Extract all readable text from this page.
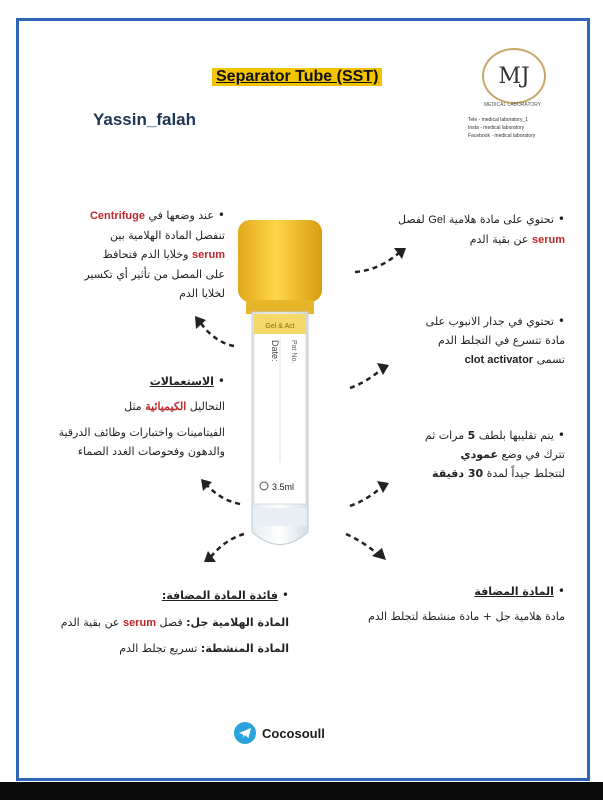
Separator Tube (SST)
Yassin_falah
MJ
MEDICAL LABORATORY
Tele - medical laboratory_1
Insta - medical laboratory
Facebook - medical laboratory
Gel & Act
Date: Pat No.
3.5ml
•تحتوي على مادة هلامية Gel لفصل
serum عن بقية الدم
•تحتوي في جدار الانبوب على
مادة تتسرع في التجلط الدم
تسمى clot activator
•يتم تقليبها بلطف 5 مرات ثم
تترك في وضع عمودي
لتتجلط جيداً لمدة 30 دقيقة
•المادة المضافة
مادة هلامية جل + مادة منشطة لتجلط الدم
•عند وضعها في Centrifuge
تنفصل المادة الهلامية بين
serum وخلايا الدم فتحافظ
على المصل من تأثير أي تكسير
لخلايا الدم
•الاستعمالات
التحاليل الكيميائية مثل
الفيتامينات واختبارات وظائف الدرقية
والدهون وفحوصات الغدد الصماء
•فائدة المادة المضافة:
المادة الهلامية جل: فصل serum عن بقية الدم
المادة المنشطة: تسريع تجلط الدم
Cocosoull
